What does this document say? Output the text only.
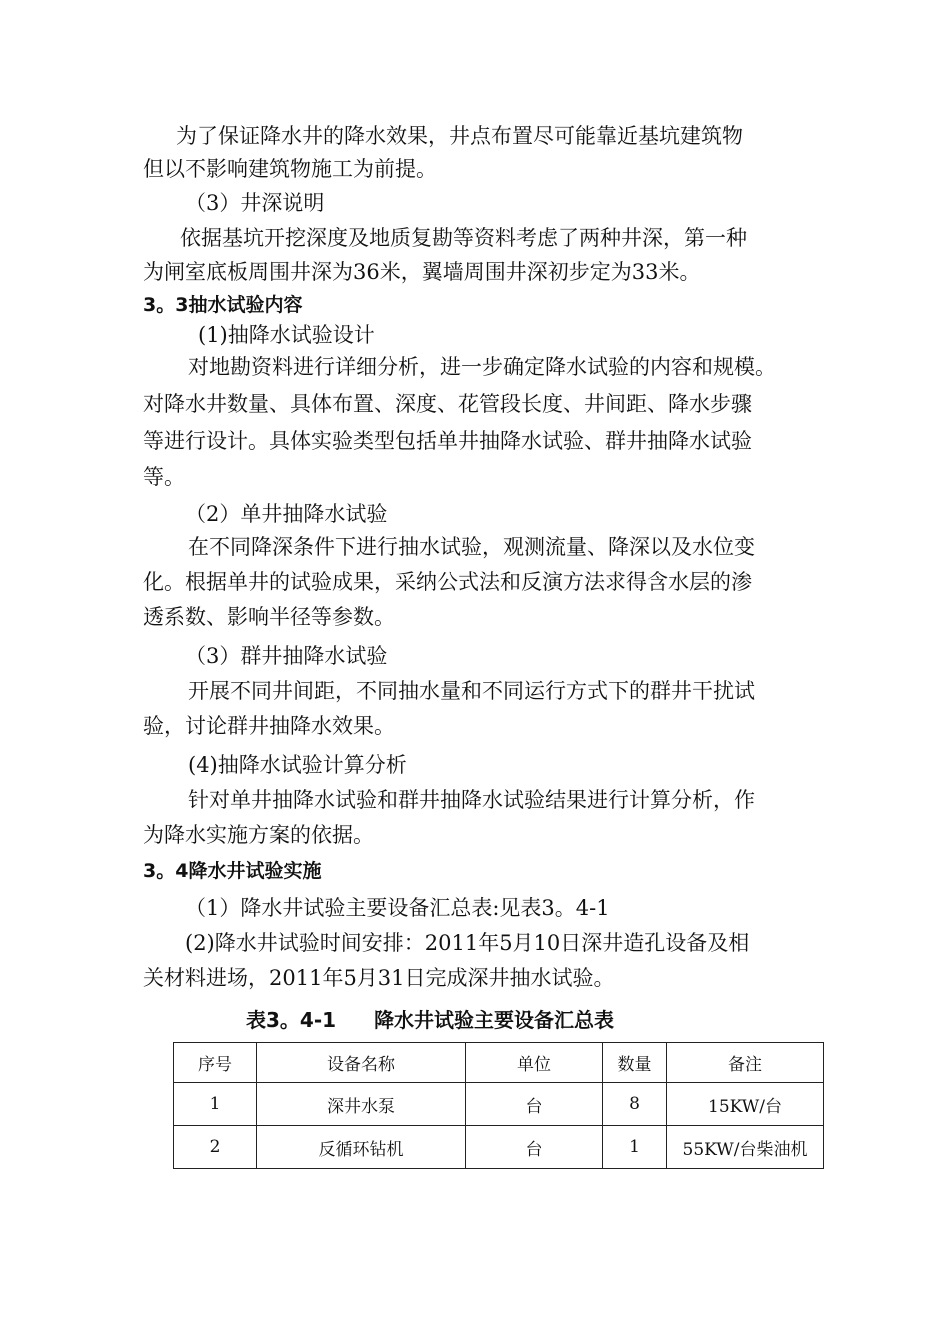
为了保证降水井的降水效果，井点布置尽可能靠近基坑建筑物
但以不影响建筑物施工为前提。
（3）井深说明
依据基坑开挖深度及地质复勘等资料考虑了两种井深，第一种
为闸室底板周围井深为36米，翼墙周围井深初步定为33米。
3。3抽水试验内容
(1)抽降水试验设计
对地勘资料进行详细分析，进一步确定降水试验的内容和规模。
对降水井数量、具体布置、深度、花管段长度、井间距、降水步骤
等进行设计。具体实验类型包括单井抽降水试验、群井抽降水试验
等。
（2）单井抽降水试验
在不同降深条件下进行抽水试验，观测流量、降深以及水位变
化。根据单井的试验成果，采纳公式法和反演方法求得含水层的渗
透系数、影响半径等参数。
（3）群井抽降水试验
开展不同井间距，不同抽水量和不同运行方式下的群井干扰试
验，讨论群井抽降水效果。
(4)抽降水试验计算分析
针对单井抽降水试验和群井抽降水试验结果进行计算分析，作
为降水实施方案的依据。
3。4降水井试验实施
（1）降水井试验主要设备汇总表:见表3。4-1
(2)降水井试验时间安排：2011年5月10日深井造孔设备及相
关材料进场，2011年5月31日完成深井抽水试验。
表3。4-1 降水井试验主要设备汇总表
序号	设备名称	单位	数量	备注
1	深井水泵	台	8	15KW/台
2	反循环钻机	台	1	55KW/台柴油机
